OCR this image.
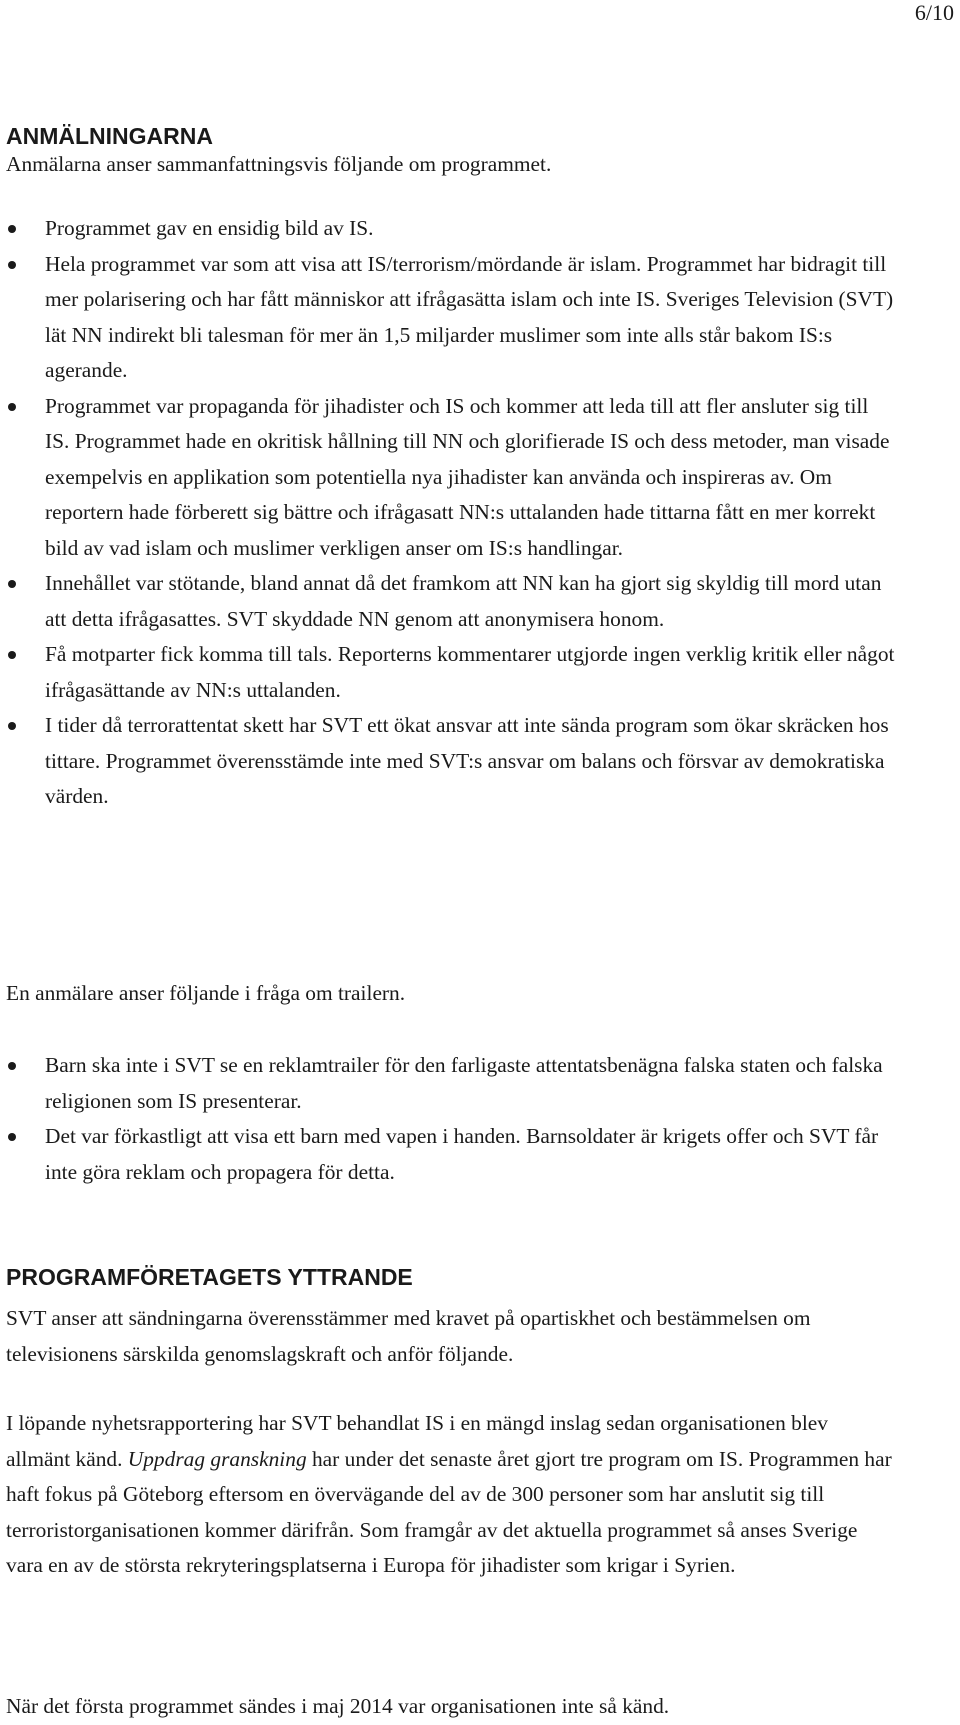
6/10
ANMÄLNINGARNA

Anmälarna anser sammanfattningsvis följande om programmet.

Programmet gav en ensidig bild av IS.
Hela programmet var som att visa att IS/terrorism/mördande är islam. Programmet har bidragit till mer polarisering och har fått människor att ifrågasätta islam och inte IS. Sveriges Television (SVT) lät NN indirekt bli talesman för mer än 1,5 miljarder muslimer som inte alls står bakom IS:s agerande.
Programmet var propaganda för jihadister och IS och kommer att leda till att fler ansluter sig till IS. Programmet hade en okritisk hållning till NN och glorifierade IS och dess metoder, man visade exempelvis en applikation som potentiella nya jihadister kan använda och inspireras av. Om reportern hade förberett sig bättre och ifrågasatt NN:s uttalanden hade tittarna fått en mer korrekt bild av vad islam och muslimer verkligen anser om IS:s handlingar.
Innehållet var stötande, bland annat då det framkom att NN kan ha gjort sig skyldig till mord utan att detta ifrågasattes. SVT skyddade NN genom att anonymisera honom.
Få motparter fick komma till tals. Reporterns kommentarer utgjorde ingen verklig kritik eller något ifrågasättande av NN:s uttalanden.
I tider då terrorattentat skett har SVT ett ökat ansvar att inte sända program som ökar skräcken hos tittare. Programmet överensstämde inte med SVT:s ansvar om balans och försvar av demokratiska värden.

En anmälare anser följande i fråga om trailern.

Barn ska inte i SVT se en reklamtrailer för den farligaste attentatsbenägna falska staten och falska religionen som IS presenterar.
Det var förkastligt att visa ett barn med vapen i handen. Barnsoldater är krigets offer och SVT får inte göra reklam och propagera för detta.
PROGRAMFÖRETAGETS YTTRANDE

SVT anser att sändningarna överensstämmer med kravet på opartiskhet och bestämmelsen om televisionens särskilda genomslagskraft och anför följande.

I löpande nyhetsrapportering har SVT behandlat IS i en mängd inslag sedan organisationen blev allmänt känd. Uppdrag granskning har under det senaste året gjort tre program om IS. Programmen har haft fokus på Göteborg eftersom en övervägande del av de 300 personer som har anslutit sig till terroristorganisationen kommer därifrån. Som framgår av det aktuella programmet så anses Sverige vara en av de största rekryteringsplatserna i Europa för jihadister som krigar i Syrien.

När det första programmet sändes i maj 2014 var organisationen inte så känd.
